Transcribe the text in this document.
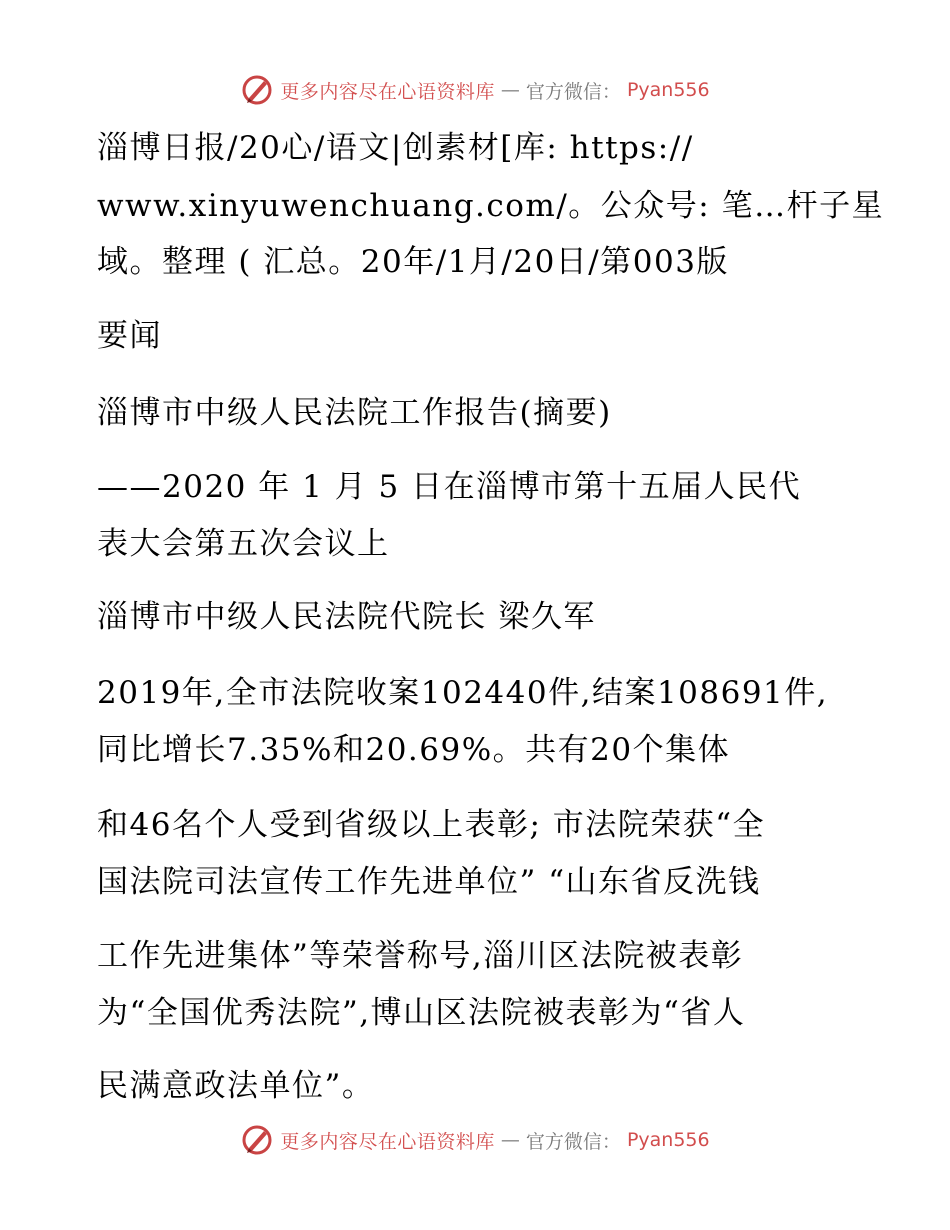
更多内容尽在心语资料库 — 官方微信： Pyan556
淄博日报/20心/语文|创素材[库: https://
www.xinyuwenchuang.com/。公众号: 笔…杆子星
域。整理 ( 汇总。20年/1月/20日/第003版
要闻
淄博市中级人民法院工作报告(摘要)
——2020 年 1 月 5 日在淄博市第十五届人民代
表大会第五次会议上
淄博市中级人民法院代院长 梁久军
2019年,全市法院收案102440件,结案108691件,
同比增长7.35%和20.69%。共有20个集体
和46名个人受到省级以上表彰; 市法院荣获“全
国法院司法宣传工作先进单位” “山东省反洗钱
工作先进集体”等荣誉称号,淄川区法院被表彰
为“全国优秀法院”,博山区法院被表彰为“省人
民满意政法单位”。
更多内容尽在心语资料库 — 官方微信： Pyan556
